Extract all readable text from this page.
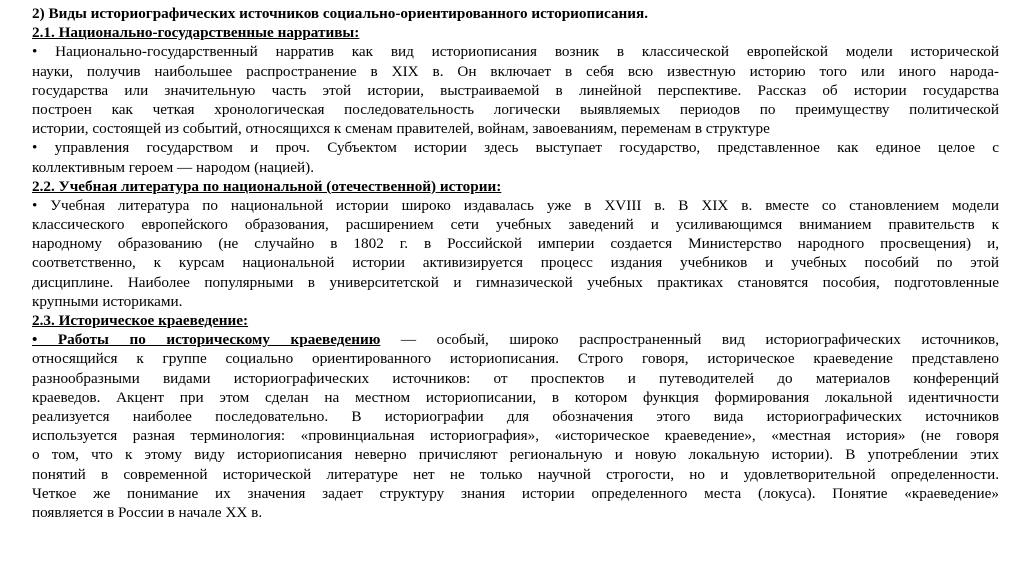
2) Виды историографических источников социально-ориентированного историописания.
2.1. Национально-государственные нарративы:
• Национально-государственный нарратив как вид историописания возник в классической европейской модели исторической
науки, получив наибольшее распространение в XIX в. Он включает в себя всю известную историю того или иного народа-
государства или значительную часть этой истории, выстраиваемой в линейной перспективе. Рассказ об истории государства
построен как четкая хронологическая последовательность логически выявляемых периодов по преимуществу политической
истории, состоящей из событий, относящихся к сменам правителей, войнам, завоеваниям, переменам в структуре
• управления государством и проч. Субъектом истории здесь выступает государство, представленное как единое целое с
коллективным героем — народом (нацией).
2.2. Учебная литература по национальной (отечественной) истории:
• Учебная литература по национальной истории широко издавалась уже в XVIII в. В XIX в. вместе со становлением модели
классического европейского образования, расширением сети учебных заведений и усиливающимся вниманием правительств к
народному образованию (не случайно в 1802 г. в Российской империи создается Министерство народного просвещения) и,
соответственно, к курсам национальной истории активизируется процесс издания учебников и учебных пособий по этой
дисциплине. Наиболее популярными в университетской и гимназической учебных практиках становятся пособия, подготовленные
крупными историками.
2.3. Историческое краеведение:
• Работы по историческому краеведению — особый, широко распространенный вид историографических источников,
относящийся к группе социально ориентированного историописания. Строго говоря, историческое краеведение представлено
разнообразными видами историографических источников: от проспектов и путеводителей до материалов конференций
краеведов. Акцент при этом сделан на местном историописании, в котором функция формирования локальной идентичности
реализуется наиболее последовательно. В историографии для обозначения этого вида историографических источников
используется разная терминология: «провинциальная историография», «историческое краеведение», «местная история» (не говоря
о том, что к этому виду историописания неверно причисляют региональную и новую локальную истории). В употреблении этих
понятий в современной исторической литературе нет не только научной строгости, но и удовлетворительной определенности.
Четкое же понимание их значения задает структуру знания истории определенного места (локуса). Понятие «краеведение»
появляется в России в начале XX в.
